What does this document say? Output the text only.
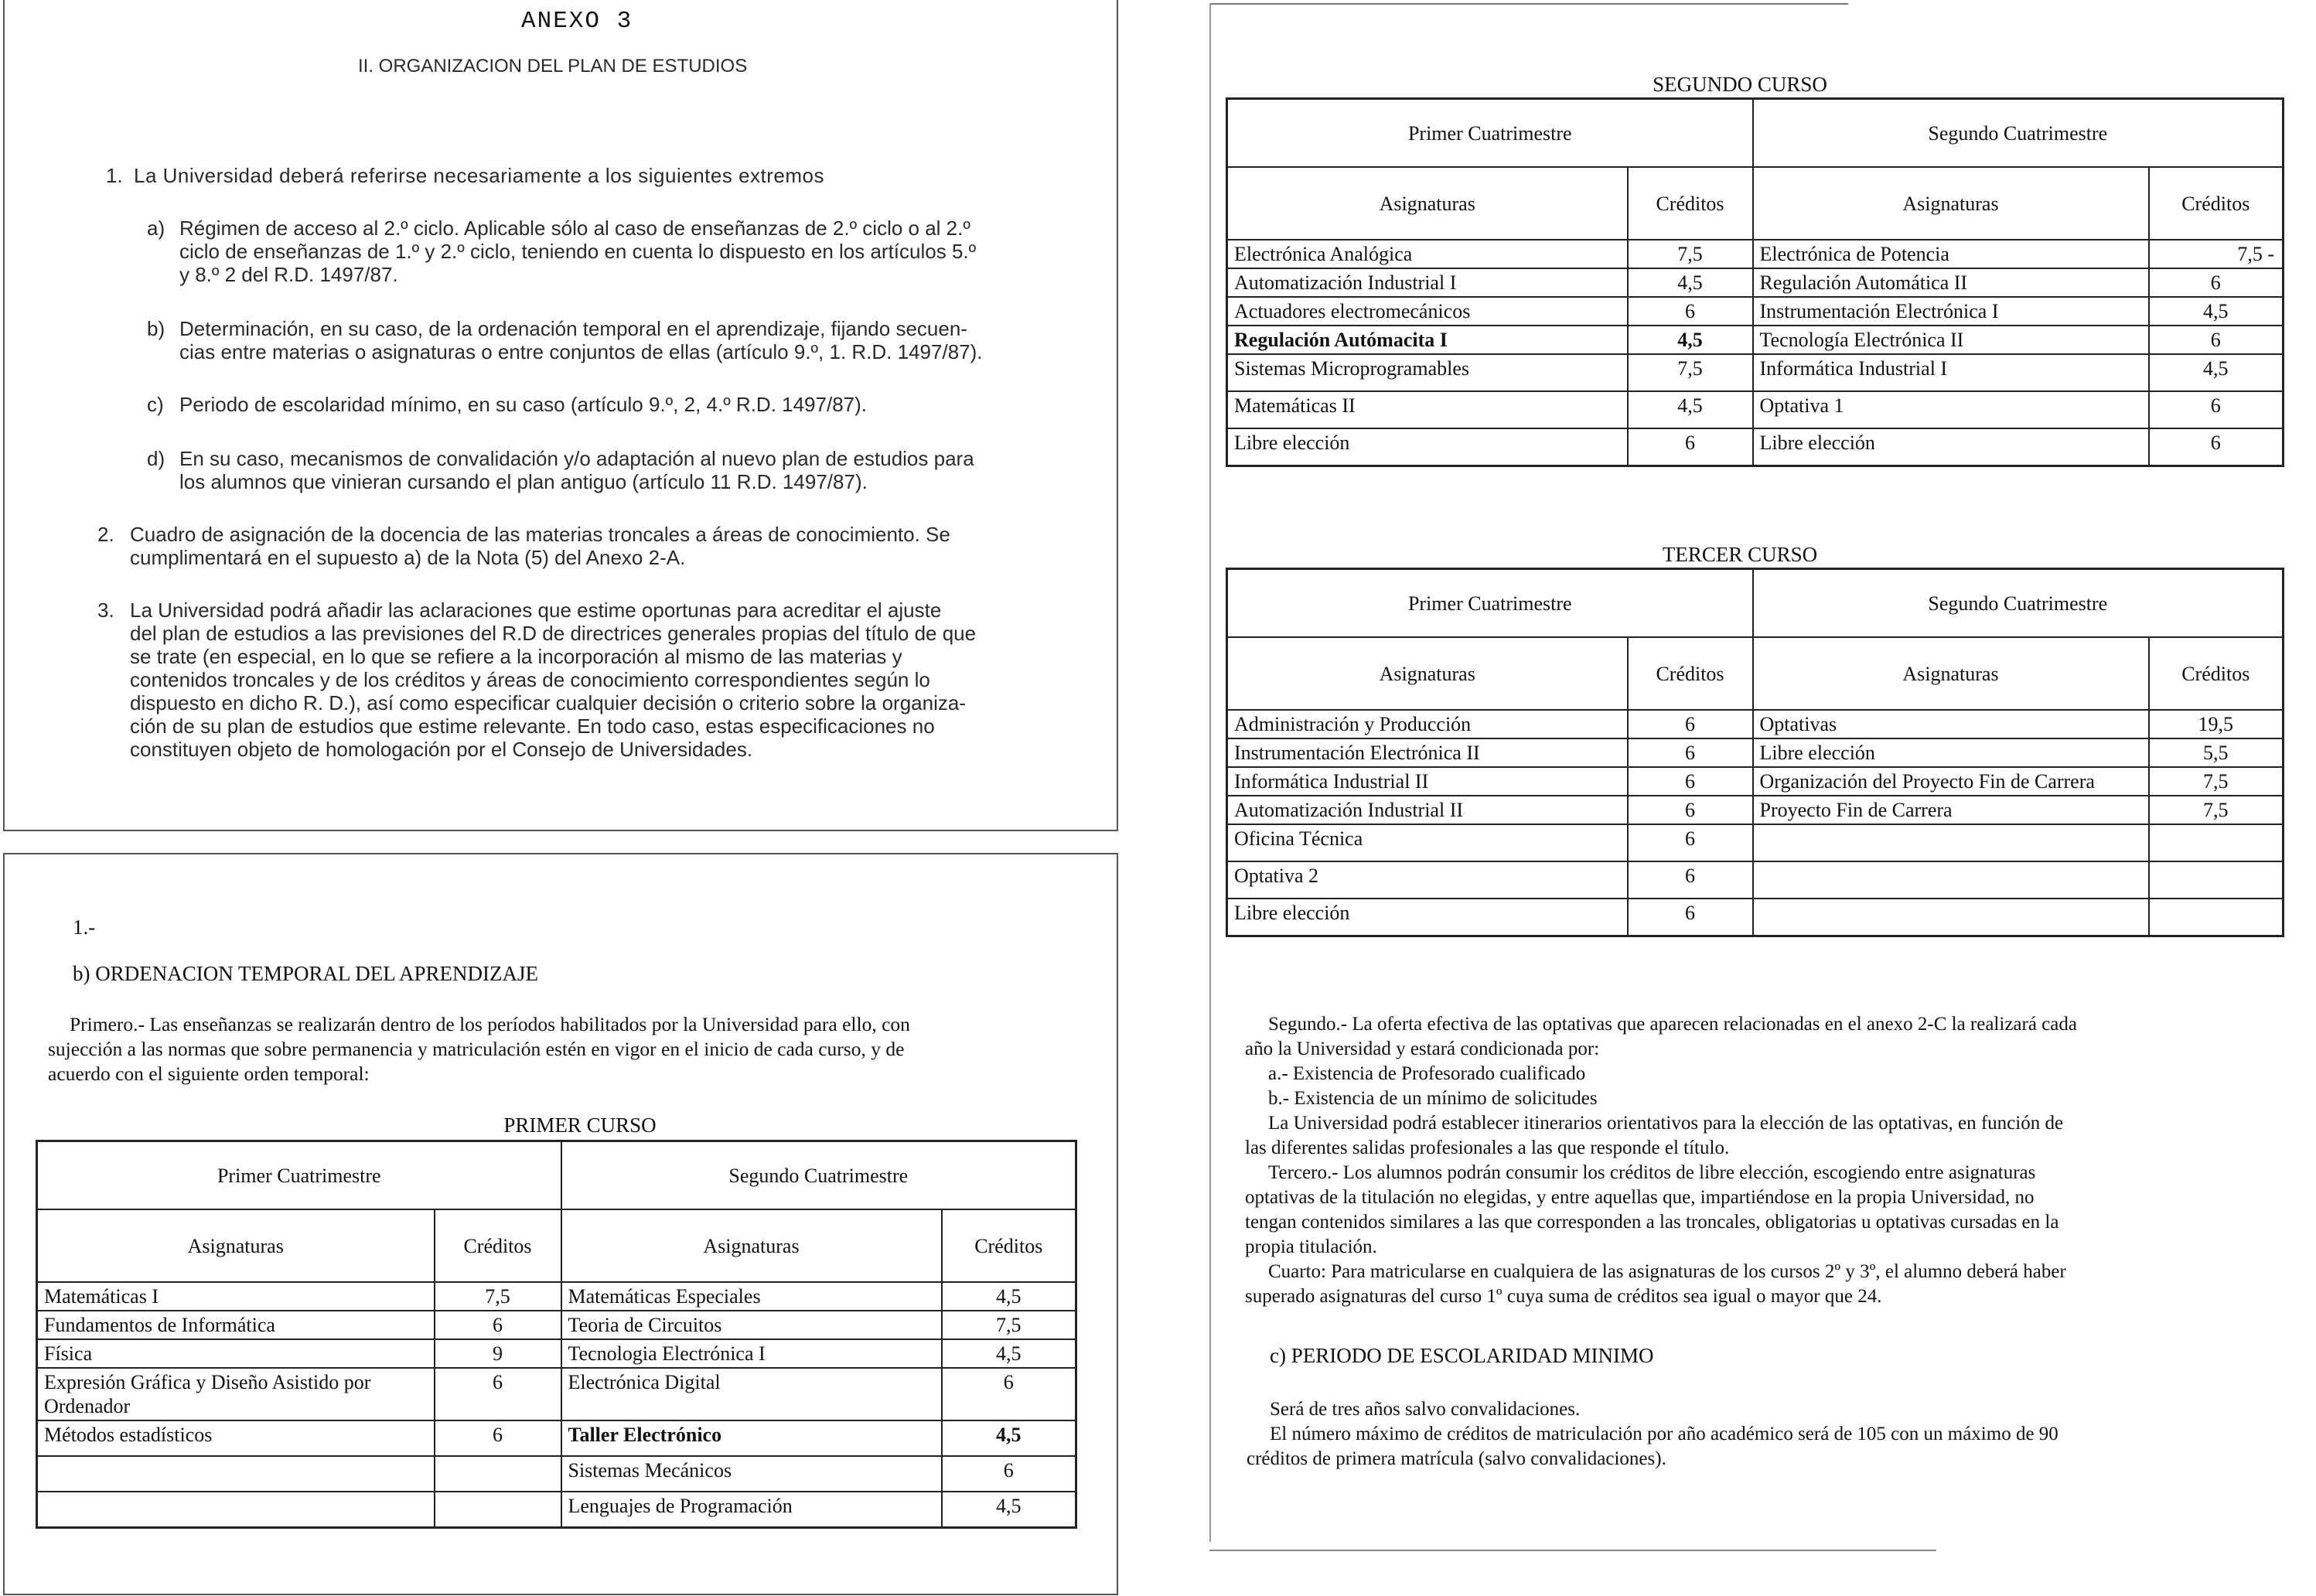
ANEXO 3
II. ORGANIZACION DEL PLAN DE ESTUDIOS
1. La Universidad deberá referirse necesariamente a los siguientes extremos
a) Régimen de acceso al 2.º ciclo. Aplicable sólo al caso de enseñanzas de 2.º ciclo o al 2.º
ciclo de enseñanzas de 1.º y 2.º ciclo, teniendo en cuenta lo dispuesto en los artículos 5.º
y 8.º 2 del R.D. 1497/87.
b) Determinación, en su caso, de la ordenación temporal en el aprendizaje, fijando secuen-
cias entre materias o asignaturas o entre conjuntos de ellas (artículo 9.º, 1. R.D. 1497/87).
c) Periodo de escolaridad mínimo, en su caso (artículo 9.º, 2, 4.º R.D. 1497/87).
d) En su caso, mecanismos de convalidación y/o adaptación al nuevo plan de estudios para
los alumnos que vinieran cursando el plan antiguo (artículo 11 R.D. 1497/87).
2. Cuadro de asignación de la docencia de las materias troncales a áreas de conocimiento. Se
cumplimentará en el supuesto a) de la Nota (5) del Anexo 2-A.
3. La Universidad podrá añadir las aclaraciones que estime oportunas para acreditar el ajuste
del plan de estudios a las previsiones del R.D de directrices generales propias del título de que
se trate (en especial, en lo que se refiere a la incorporación al mismo de las materias y
contenidos troncales y de los créditos y áreas de conocimiento correspondientes según lo
dispuesto en dicho R. D.), así como especificar cualquier decisión o criterio sobre la organiza-
ción de su plan de estudios que estime relevante. En todo caso, estas especificaciones no
constituyen objeto de homologación por el Consejo de Universidades.
1.-
b) ORDENACION TEMPORAL DEL APRENDIZAJE
Primero.- Las enseñanzas se realizarán dentro de los períodos habilitados por la Universidad para ello, con
sujección a las normas que sobre permanencia y matriculación estén en vigor en el inicio de cada curso, y de
acuerdo con el siguiente orden temporal:
PRIMER CURSO
Primer Cuatrimestre		Segundo Cuatrimestre	
Asignaturas	Créditos	Asignaturas	Créditos
Matemáticas I	7,5	Matemáticas Especiales	4,5
Fundamentos de Informática	6	Teoria de Circuitos	7,5
Física	9	Tecnologia Electrónica I	4,5
Expresión Gráfica y Diseño Asistido por Ordenador	6	Electrónica Digital	6
Métodos estadísticos	6	Taller Electrónico	4,5
		Sistemas Mecánicos	6
		Lenguajes de Programación	4,5
SEGUNDO CURSO
Primer Cuatrimestre		Segundo Cuatrimestre	
Asignaturas	Créditos	Asignaturas	Créditos
Electrónica Analógica	7,5	Electrónica de Potencia	7,5 -
Automatización Industrial I	4,5	Regulación Automática II	6
Actuadores electromecánicos	6	Instrumentación Electrónica I	4,5
Regulación Autómacita I	4,5	Tecnología Electrónica II	6
Sistemas Microprogramables	7,5	Informática Industrial I	4,5
Matemáticas II	4,5	Optativa 1	6
Libre elección	6	Libre elección	6
TERCER CURSO
Primer Cuatrimestre		Segundo Cuatrimestre	
Asignaturas	Créditos	Asignaturas	Créditos
Administración y Producción	6	Optativas	19,5
Instrumentación Electrónica II	6	Libre elección	5,5
Informática Industrial II	6	Organización del Proyecto Fin de Carrera	7,5
Automatización Industrial II	6	Proyecto Fin de Carrera	7,5
Oficina Técnica	6		
Optativa 2	6		
Libre elección	6		
Segundo.- La oferta efectiva de las optativas que aparecen relacionadas en el anexo 2-C la realizará cada
año la Universidad y estará condicionada por:
a.- Existencia de Profesorado cualificado
b.- Existencia de un mínimo de solicitudes
La Universidad podrá establecer itinerarios orientativos para la elección de las optativas, en función de
las diferentes salidas profesionales a las que responde el título.
Tercero.- Los alumnos podrán consumir los créditos de libre elección, escogiendo entre asignaturas
optativas de la titulación no elegidas, y entre aquellas que, impartiéndose en la propia Universidad, no
tengan contenidos similares a las que corresponden a las troncales, obligatorias u optativas cursadas en la
propia titulación.
Cuarto: Para matricularse en cualquiera de las asignaturas de los cursos 2º y 3º, el alumno deberá haber
superado asignaturas del curso 1º cuya suma de créditos sea igual o mayor que 24.
c) PERIODO DE ESCOLARIDAD MINIMO
Será de tres años salvo convalidaciones.
El número máximo de créditos de matriculación por año académico será de 105 con un máximo de 90
créditos de primera matrícula (salvo convalidaciones).
